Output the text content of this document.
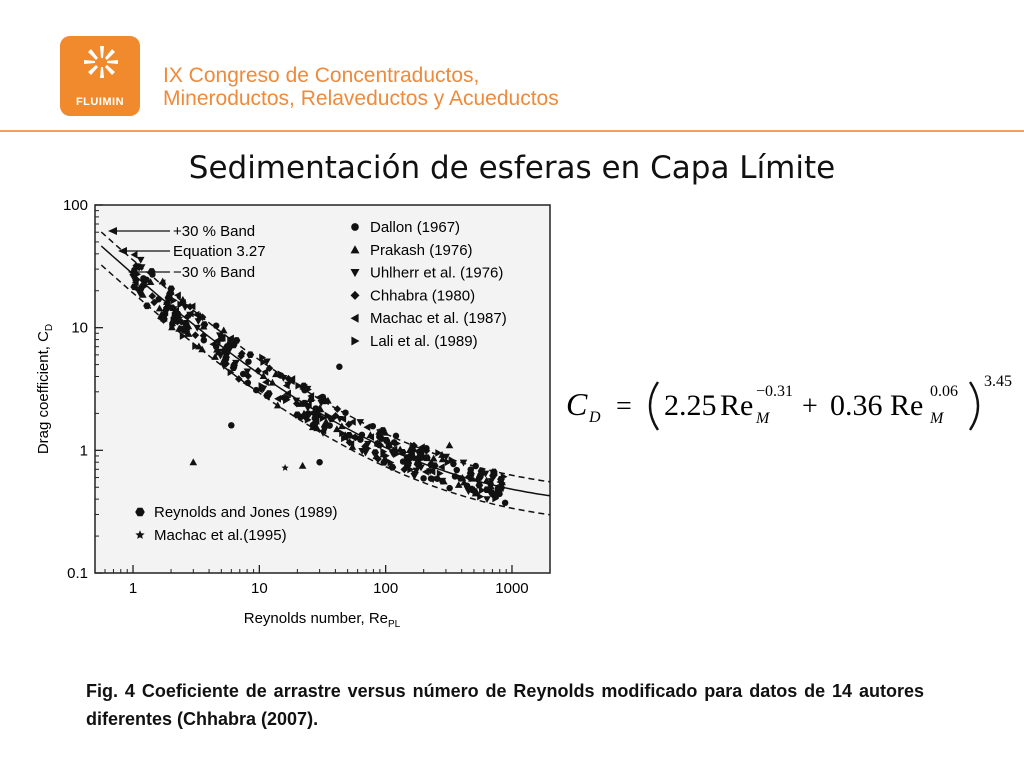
FLUIMIN
IX Congreso de Concentraductos,
Mineroductos, Relaveductos y Acueductos
Sedimentación de esferas en Capa Límite
1	10	100	1000
0.1
1
10
100
+30 % Band
Equation 3.27
−30 % Band
Dallon (1967)
Prakash (1976)
Uhlherr et al. (1976)
Chhabra (1980)
Machac et al. (1987)
Lali et al. (1989)
Reynolds and Jones (1989)
Machac et al.(1995)
Reynolds number, $Re_{PL}$
Drag coefficient, $C_D$
C D = 2.25 Re −0.31
M + 0.36 Re 0.06
M
3.45
Fig. 4 Coeficiente de arrastre versus número de Reynolds modificado para datos de 14 autores diferentes (Chhabra (2007).
